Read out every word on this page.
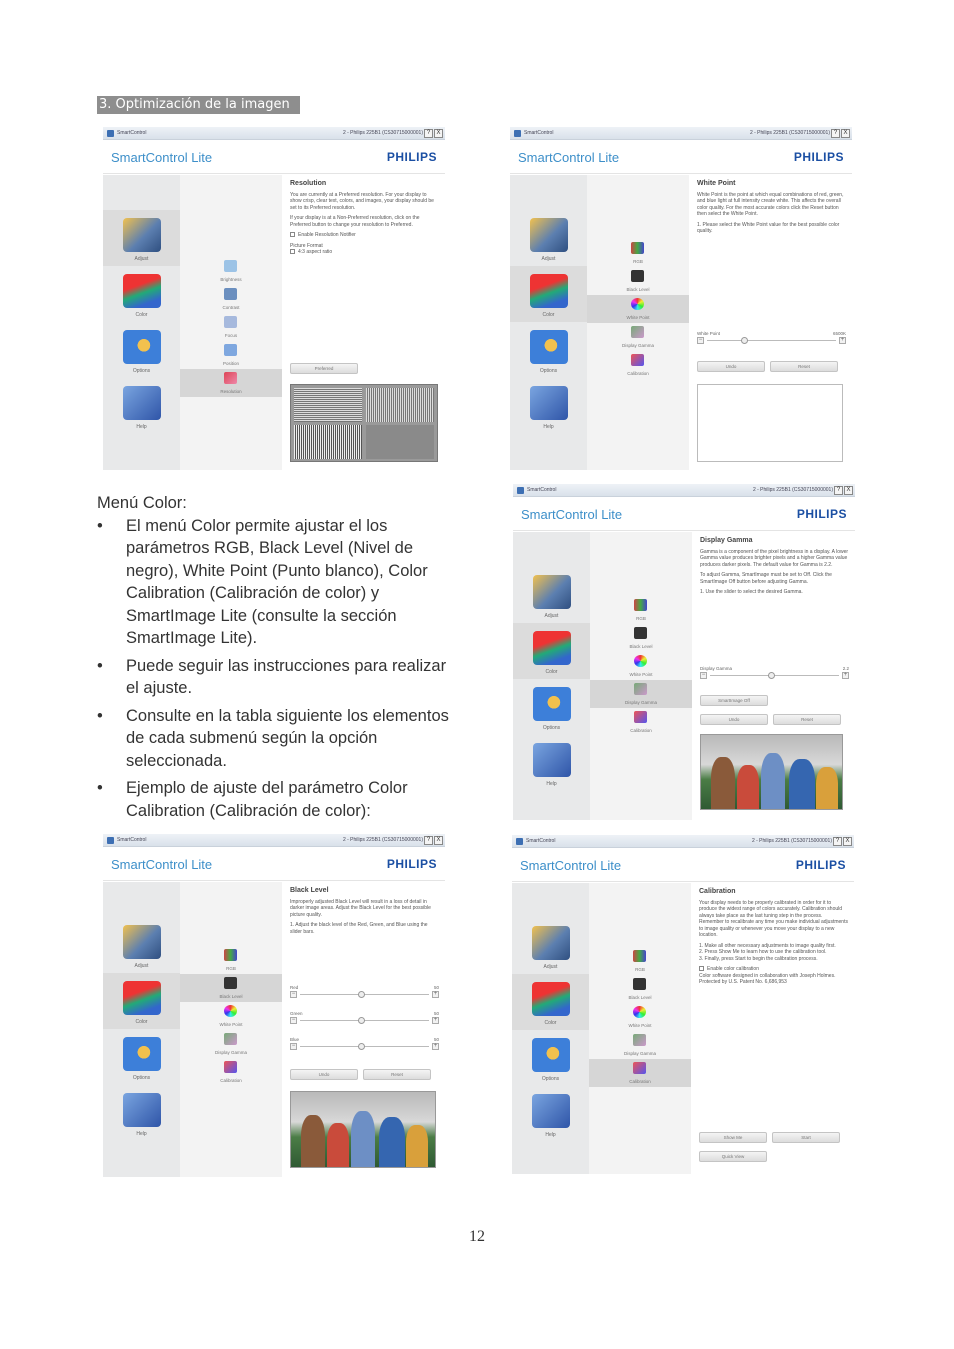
3. Optimización de la imagen
SmartControl	2 - Philips 225B1 (CS30715000001) ?	X
SmartControl Lite	PHILIPS
Adjust
Color
Options
Help
Brightness
Contrast
Focus
Position
Resolution
Resolution
You are currently at a Preferred resolution. For your display to show crisp, clear text, colors, and images, your display should be set to its Preferred resolution.
If your display is at a Non-Preferred resolution, click on the Preferred button to change your resolution to Preferred.
Enable Resolution Notifier
Picture Format
4:3 aspect ratio
Preferred
SmartControl	2 - Philips 225B1 (CS30715000001) ?	X
SmartControl Lite	PHILIPS
Adjust
Color
Options
Help
RGB
Black Level
White Point
Display Gamma
Calibration
White Point
White Point is the point at which equal combinations of red, green, and blue light at full intensity create white. This affects the overall color quality. For the most accurate colors click the Reset button then select the White Point.
1. Please select the White Point value for the best possible color quality.
White Point	6500K
−	+
Undo	Reset
SmartControl	2 - Philips 225B1 (CS30715000001) ?	X
SmartControl Lite	PHILIPS
Adjust
Color
Options
Help
RGB
Black Level
White Point
Display Gamma
Calibration
Display Gamma
Gamma is a component of the pixel brightness in a display. A lower Gamma value produces brighter pixels and a higher Gamma value produces darker pixels. The default value for Gamma is 2.2.
To adjust Gamma, SmartImage must be set to Off. Click the SmartImage Off button before adjusting Gamma.
1. Use the slider to select the desired Gamma.
Display Gamma	2.2
−	+
SmartImage Off
Undo	Reset
Menú Color:
• El menú Color permite ajustar el los parámetros RGB, Black Level (Nivel de negro), White Point (Punto blanco), Color Calibration (Calibración de color) y SmartImage Lite (consulte la sección SmartImage Lite).
• Puede seguir las instrucciones para realizar el ajuste.
• Consulte en la tabla siguiente los elementos de cada submenú según la opción seleccionada.
• Ejemplo de ajuste del parámetro Color Calibration (Calibración de color):
SmartControl	2 - Philips 225B1 (CS30715000001) ?	X
SmartControl Lite	PHILIPS
Adjust
Color
Options
Help
RGB
Black Level
White Point
Display Gamma
Calibration
Black Level
Improperly adjusted Black Level will result in a loss of detail in darker image areas. Adjust the Black Level for the best possible picture quality.
1. Adjust the black level of the Red, Green, and Blue using the slider bars.
Red	50
−	+
Green	50
−	+
Blue	50
−	+
Undo	Reset
SmartControl	2 - Philips 225B1 (CS30715000001) ?	X
SmartControl Lite	PHILIPS
Adjust
Color
Options
Help
RGB
Black Level
White Point
Display Gamma
Calibration
Calibration
Your display needs to be properly calibrated in order for it to produce the widest range of colors accurately. Calibration should always take place as the last tuning step in the process. Remember to recalibrate any time you make individual adjustments to image quality or whenever you move your display to a new location.
1. Make all other necessary adjustments to image quality first.
2. Press Show Me to learn how to use the calibration tool.
3. Finally, press Start to begin the calibration process.
Enable color calibration
Color software designed in collaboration with Joseph Holmes.
Protected by U.S. Patent No. 6,686,953
Show Me	Start
Quick View
12
